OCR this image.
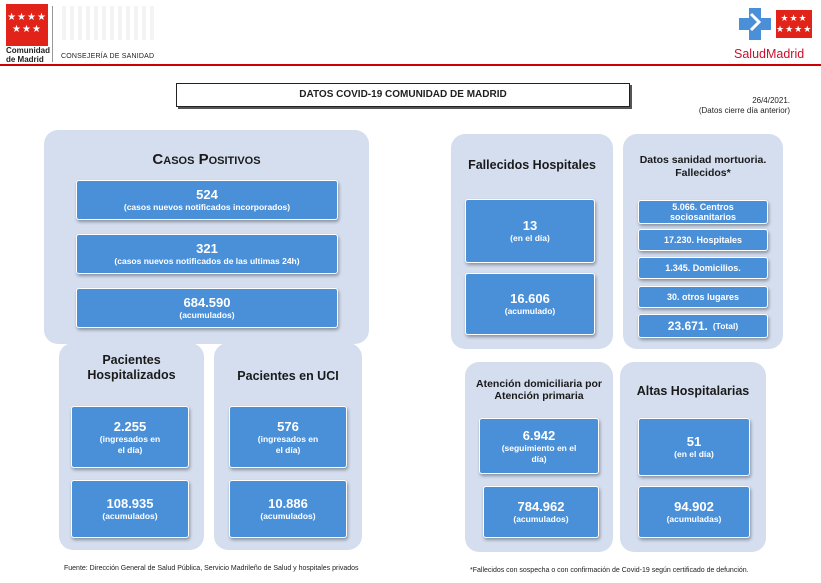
★★★★
★★★
Comunidad
de Madrid	CONSEJERÍA DE SANIDAD
★★★
★★★★
SaludMadrid
DATOS COVID-19 COMUNIDAD DE MADRID
26/4/2021.
(Datos cierre día anterior)
Casos Positivos
524
(casos nuevos notificados incorporados)
321
(casos nuevos notificados de las ultimas 24h)
684.590
(acumulados)
Pacientes
Hospitalizados
2.255
(ingresados en
el día)
108.935
(acumulados)
Pacientes en UCI
576
(ingresados en
el día)
10.886
(acumulados)
Fallecidos Hospitales
13
(en el día)
16.606
(acumulado)
Datos sanidad mortuoria.
Fallecidos*
5.066. Centros
sociosanitarios
17.230. Hospitales
1.345. Domicilios.
30. otros lugares
23.671. (Total)
Atención domiciliaria por
Atención primaria
6.942
(seguimiento en el
día)
784.962
(acumulados)
Altas Hospitalarias
51
(en el día)
94.902
(acumuladas)
Fuente: Dirección General de Salud Pública, Servicio Madrileño de Salud y hospitales privados	*Fallecidos con sospecha o con confirmación de Covid-19 según certificado de defunción.
